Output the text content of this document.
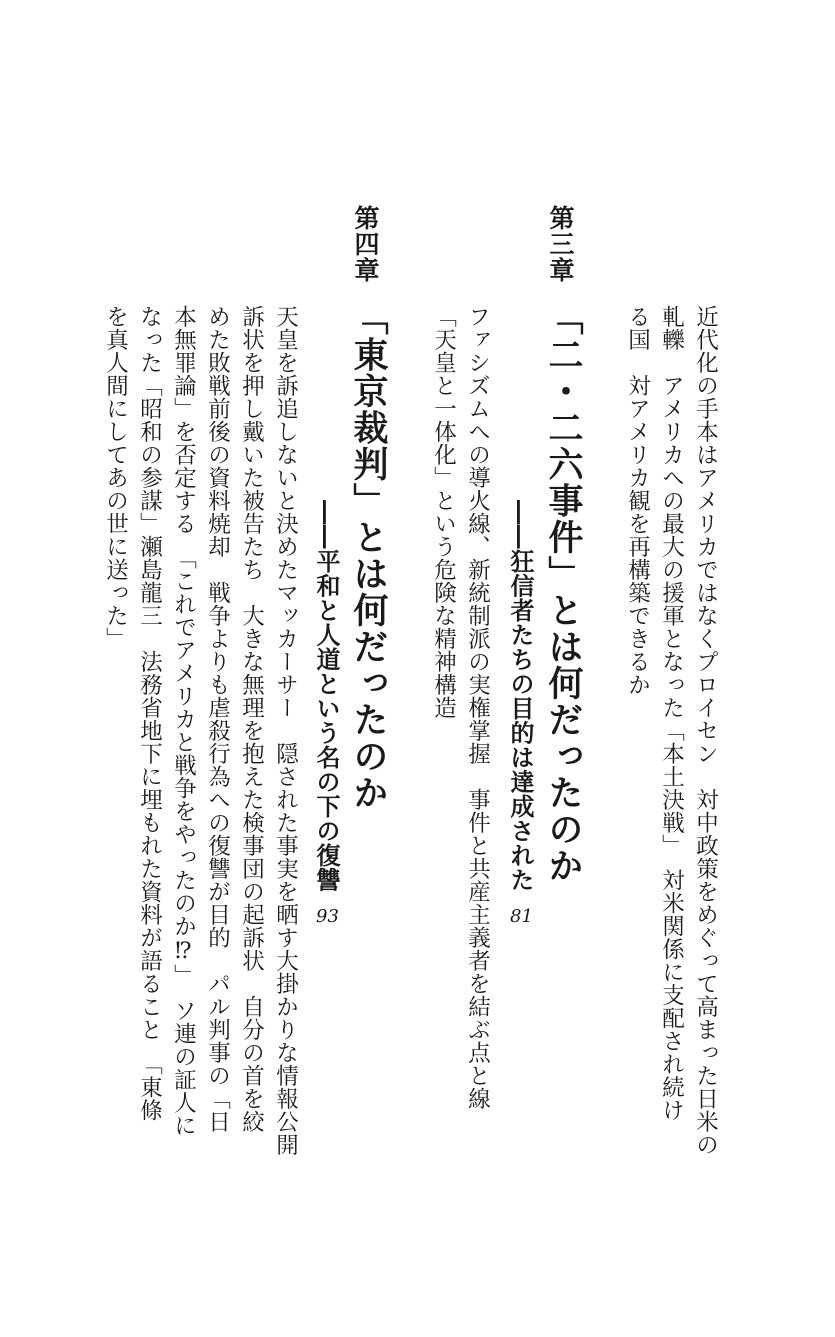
近代化の手本はアメリカではなくプロイセン　対中政策をめぐって高まった日米の
軋轢　アメリカへの最大の援軍となった「本土決戦」　対米関係に支配され続け
る国　対アメリカ観を再構築できるか
第三章
「二・二六事件」とは何だったのか
――狂信者たちの目的は達成された
81
ファシズムへの導火線、新統制派の実権掌握　事件と共産主義者を結ぶ点と線
「天皇と一体化」という危険な精神構造
第四章
「東京裁判」とは何だったのか
――平和と人道という名の下の復讐
93
天皇を訴追しないと決めたマッカーサー　隠された事実を晒す大掛かりな情報公開
訴状を押し戴いた被告たち　大きな無理を抱えた検事団の起訴状　自分の首を絞
めた敗戦前後の資料焼却　戦争よりも虐殺行為への復讐が目的　パル判事の「日
本無罪論」を否定する　「これでアメリカと戦争をやったのか⁉」　ソ連の証人に
なった「昭和の参謀」瀬島龍三　法務省地下に埋もれた資料が語ること　「東條
を真人間にしてあの世に送った」
